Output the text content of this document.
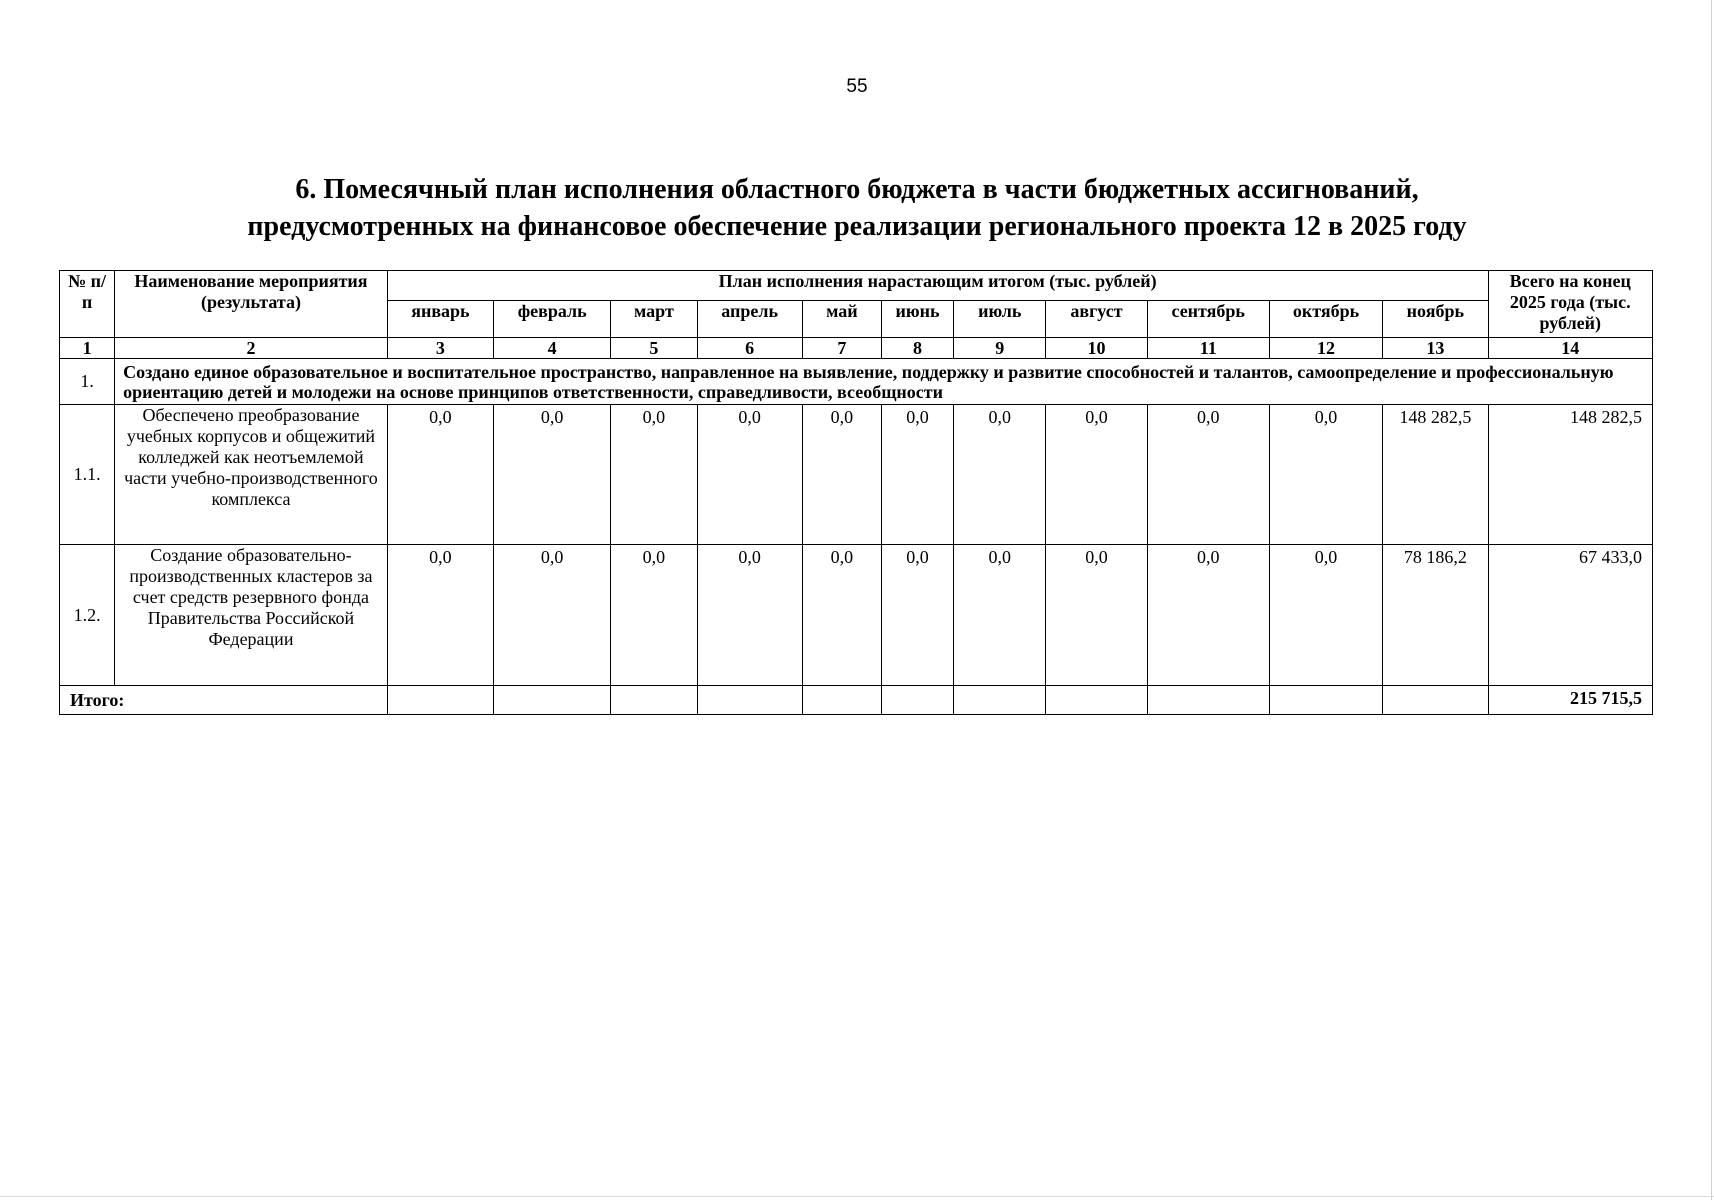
55
6. Помесячный план исполнения областного бюджета в части бюджетных ассигнований,
предусмотренных на финансовое обеспечение реализации регионального проекта 12 в 2025 году
№ п/п	Наименование мероприятия (результата)	План исполнения нарастающим итогом (тыс. рублей)											Всего на конец 2025 года (тыс. рублей)
		январь	февраль	март	апрель	май	июнь	июль	август	сентябрь	октябрь	ноябрь	
1	2	3	4	5	6	7	8	9	10	11	12	13	14
1.	Создано единое образовательное и воспитательное пространство, направленное на выявление, поддержку и развитие способностей и талантов, самоопределение и профессиональную ориентацию детей и молодежи на основе принципов ответственности, справедливости, всеобщности												
1.1.	Обеспечено преобразование учебных корпусов и общежитий колледжей как неотъемлемой части учебно-производственного комплекса	0,0	0,0	0,0	0,0	0,0	0,0	0,0	0,0	0,0	0,0	148 282,5	148 282,5
1.2.	Создание образовательно-производственных кластеров за счет средств резервного фонда Правительства Российской Федерации	0,0	0,0	0,0	0,0	0,0	0,0	0,0	0,0	0,0	0,0	78 186,2	67 433,0
Итого:													215 715,5
